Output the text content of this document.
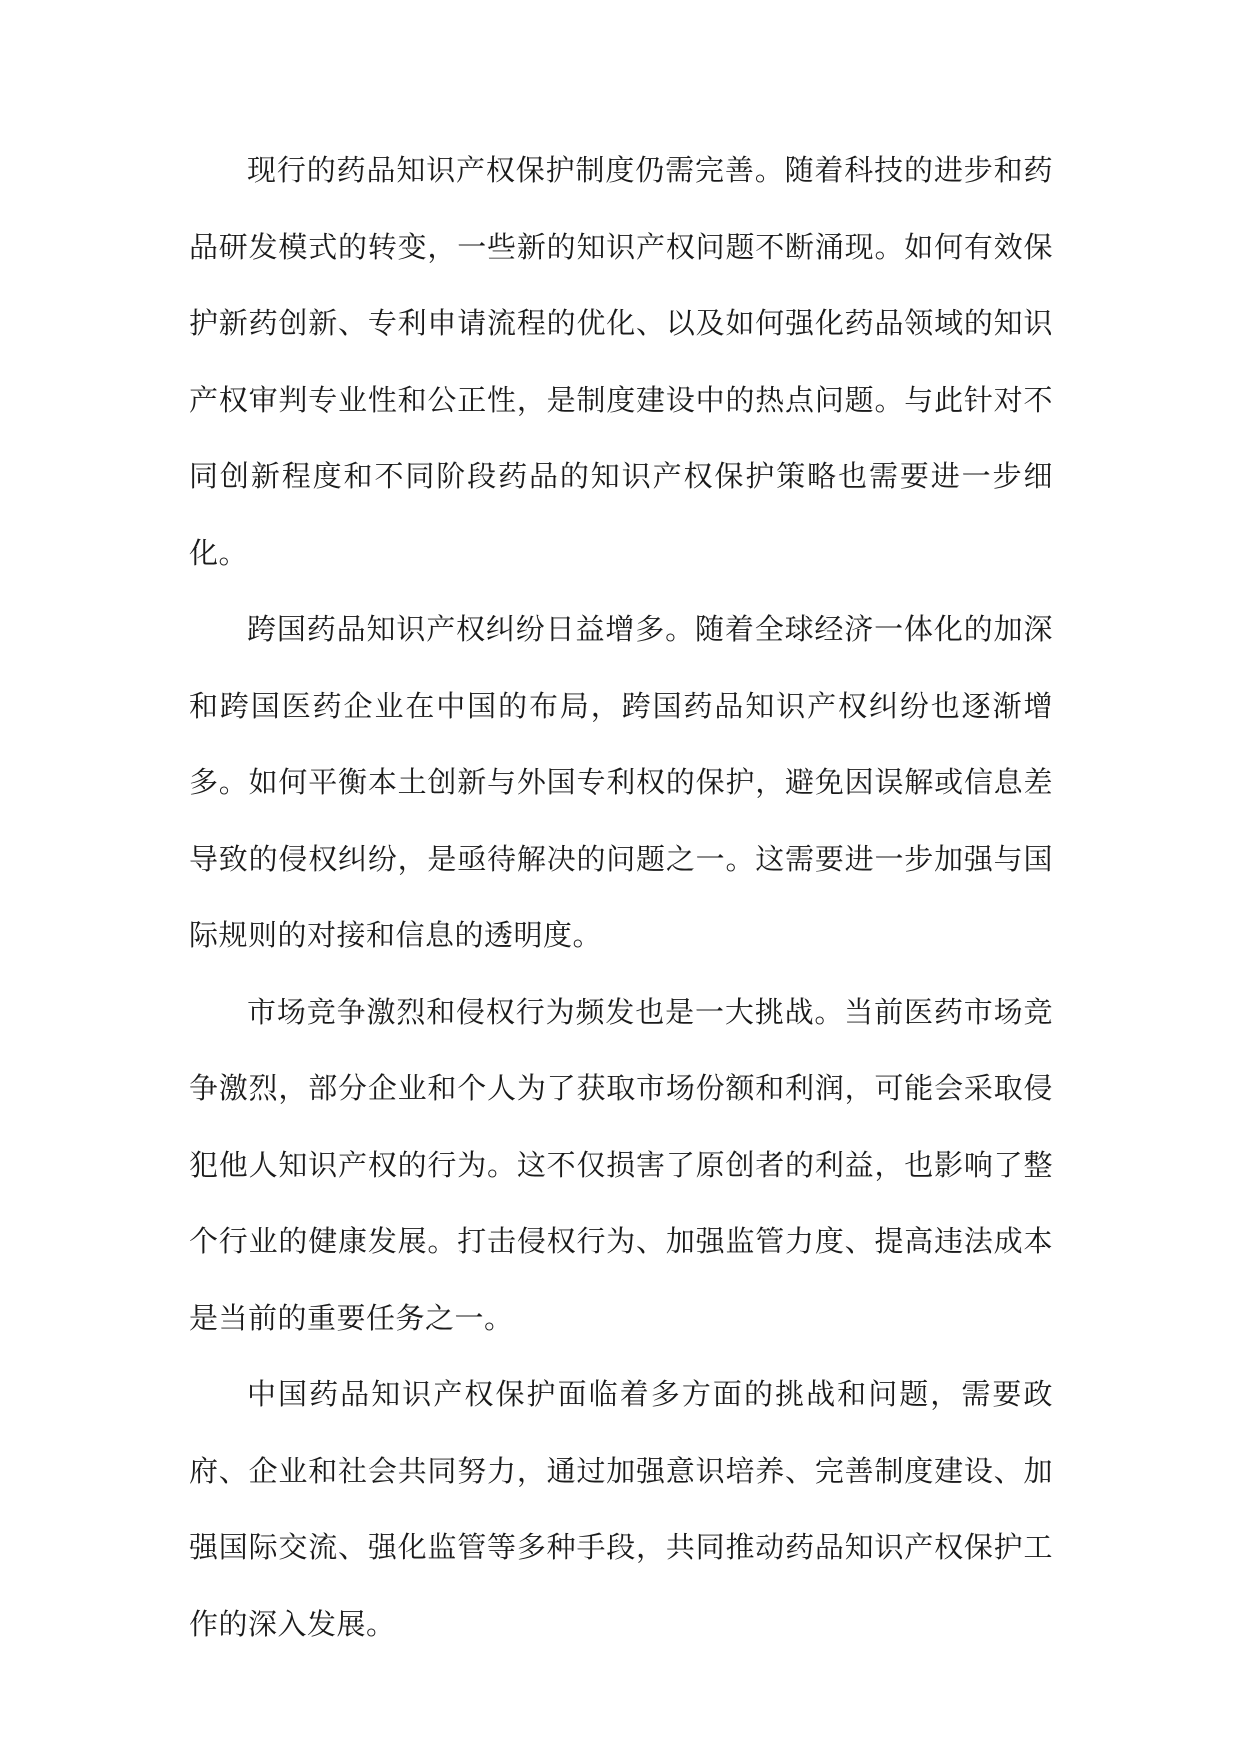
现行的药品知识产权保护制度仍需完善。随着科技的进步和药品研发模式的转变，一些新的知识产权问题不断涌现。如何有效保护新药创新、专利申请流程的优化、以及如何强化药品领域的知识产权审判专业性和公正性，是制度建设中的热点问题。与此针对不同创新程度和不同阶段药品的知识产权保护策略也需要进一步细化。

跨国药品知识产权纠纷日益增多。随着全球经济一体化的加深和跨国医药企业在中国的布局，跨国药品知识产权纠纷也逐渐增多。如何平衡本土创新与外国专利权的保护，避免因误解或信息差导致的侵权纠纷，是亟待解决的问题之一。这需要进一步加强与国际规则的对接和信息的透明度。

市场竞争激烈和侵权行为频发也是一大挑战。当前医药市场竞争激烈，部分企业和个人为了获取市场份额和利润，可能会采取侵犯他人知识产权的行为。这不仅损害了原创者的利益，也影响了整个行业的健康发展。打击侵权行为、加强监管力度、提高违法成本是当前的重要任务之一。

中国药品知识产权保护面临着多方面的挑战和问题，需要政府、企业和社会共同努力，通过加强意识培养、完善制度建设、加强国际交流、强化监管等多种手段，共同推动药品知识产权保护工作的深入发展。
